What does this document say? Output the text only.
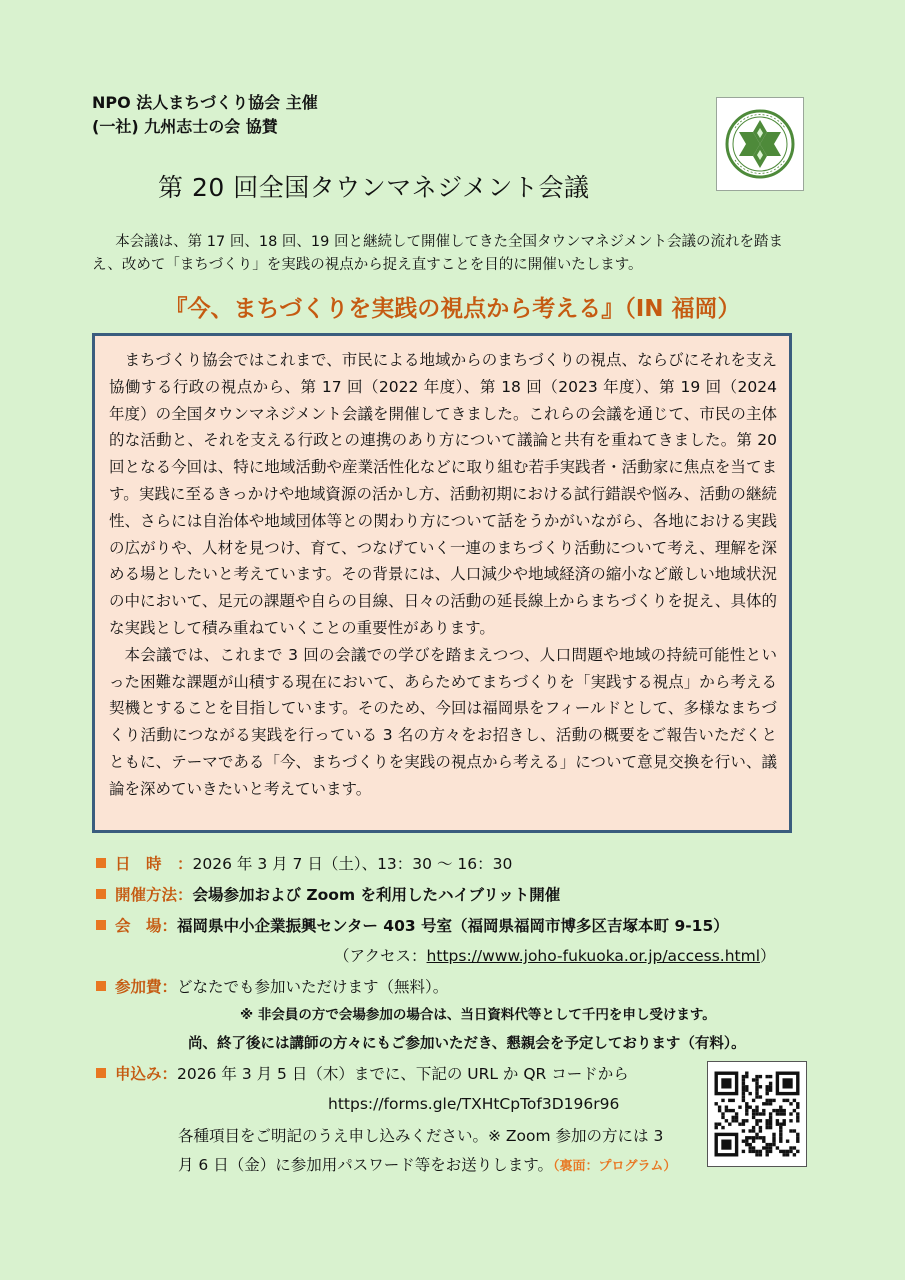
NPO 法人まちづくり協会 主催
(一社) 九州志士の会 協賛
第 20 回全国タウンマネジメント会議
本会議は、第 17 回、18 回、19 回と継続して開催してきた全国タウンマネジメント会議の流れを踏まえ、改めて「まちづくり」を実践の視点から捉え直すことを目的に開催いたします。
『今、まちづくりを実践の視点から考える』（IN 福岡）

まちづくり協会ではこれまで、市民による地域からのまちづくりの視点、ならびにそれを支え協働する行政の視点から、第 17 回（2022 年度）、第 18 回（2023 年度）、第 19 回（2024 年度）の全国タウンマネジメント会議を開催してきました。これらの会議を通じて、市民の主体的な活動と、それを支える行政との連携のあり方について議論と共有を重ねてきました。第 20 回となる今回は、特に地域活動や産業活性化などに取り組む若手実践者・活動家に焦点を当てます。実践に至るきっかけや地域資源の活かし方、活動初期における試行錯誤や悩み、活動の継続性、さらには自治体や地域団体等との関わり方について話をうかがいながら、各地における実践の広がりや、人材を見つけ、育て、つなげていく一連のまちづくり活動について考え、理解を深める場としたいと考えています。その背景には、人口減少や地域経済の縮小など厳しい地域状況の中において、足元の課題や自らの目線、日々の活動の延長線上からまちづくりを捉え、具体的な実践として積み重ねていくことの重要性があります。

本会議では、これまで 3 回の会議での学びを踏まえつつ、人口問題や地域の持続可能性といった困難な課題が山積する現在において、あらためてまちづくりを「実践する視点」から考える契機とすることを目指しています。そのため、今回は福岡県をフィールドとして、多様なまちづくり活動につながる実践を行っている 3 名の方々をお招きし、活動の概要をご報告いただくとともに、テーマである「今、まちづくりを実践の視点から考える」について意見交換を行い、議論を深めていきたいと考えています。

日　時　：2026 年 3 月 7 日（土）、13：30 〜 16：30
開催方法：会場参加および Zoom を利用したハイブリット開催
会　場：福岡県中小企業振興センター 403 号室（福岡県福岡市博多区吉塚本町 9-15）
（アクセス：https://www.joho-fukuoka.or.jp/access.html）
参加費：どなたでも参加いただけます（無料）。
※ 非会員の方で会場参加の場合は、当日資料代等として千円を申し受けます。
尚、終了後には講師の方々にもご参加いただき、懇親会を予定しております（有料）。
申込み：2026 年 3 月 5 日（木）までに、下記の URL か QR コードから
https://forms.gle/TXHtCpTof3D196r96
各種項目をご明記のうえ申し込みください。※ Zoom 参加の方には 3
月 6 日（金）に参加用パスワード等をお送りします。（裏面：プログラム）
